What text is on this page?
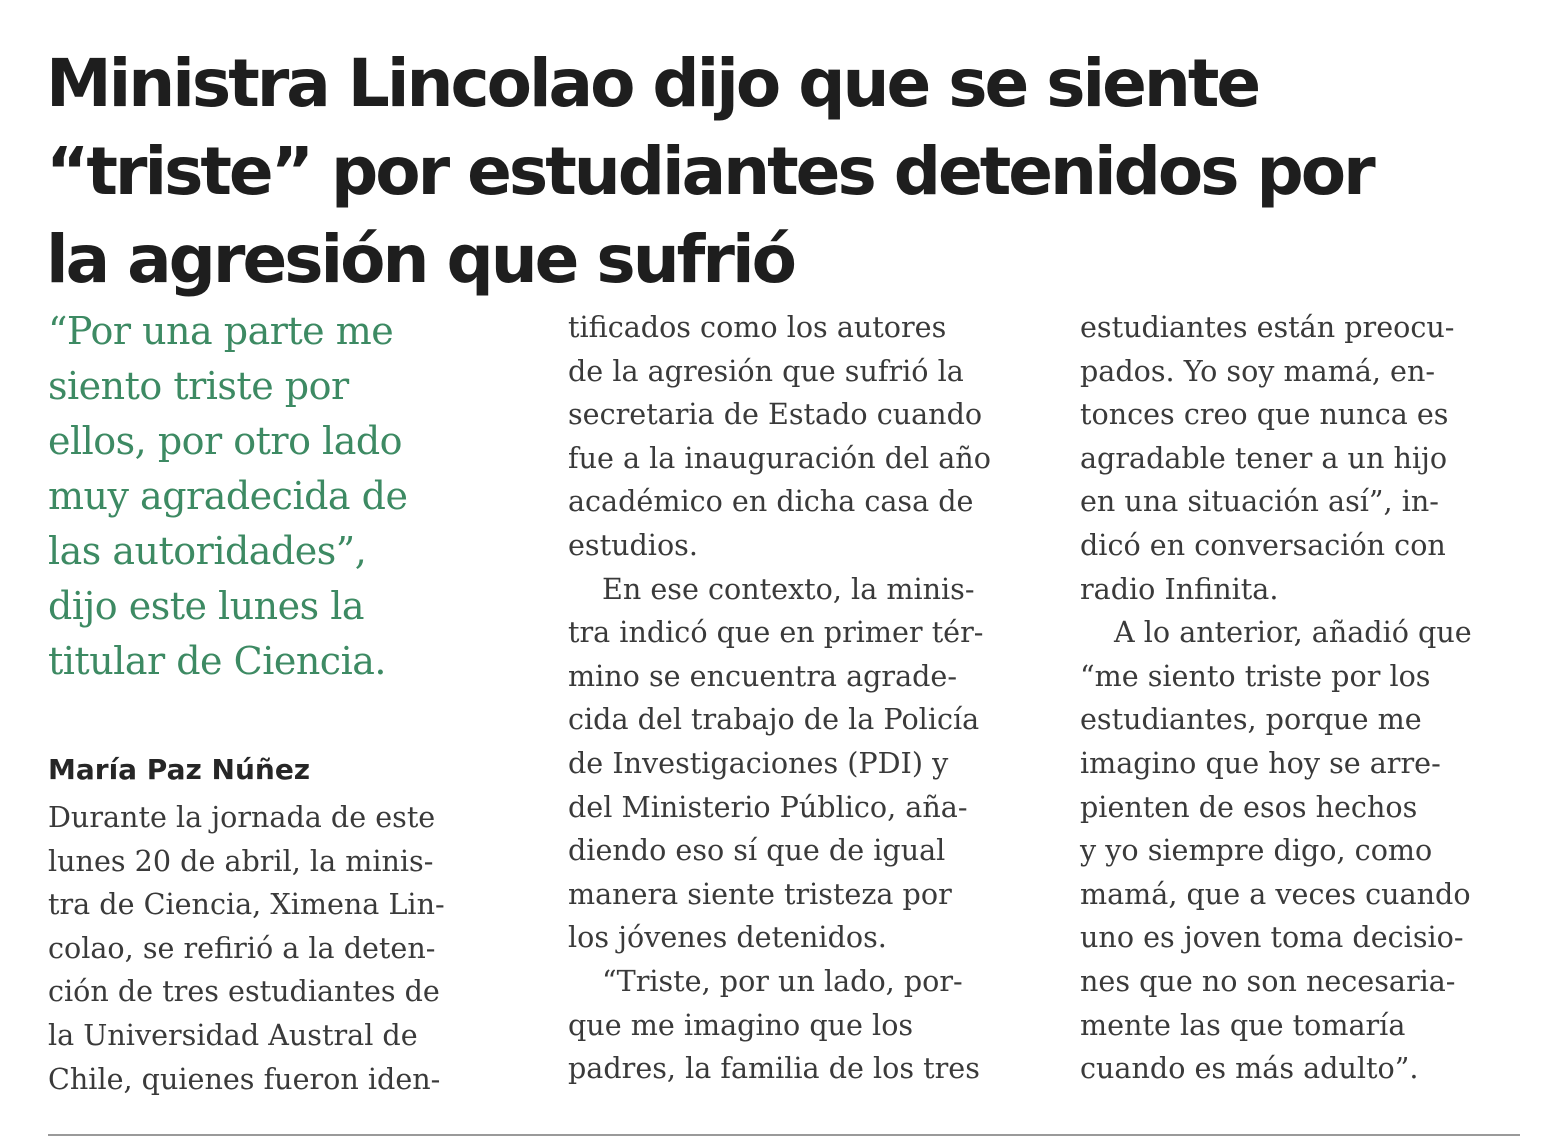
Ministra Lincolao dijo que se siente
“triste” por estudiantes detenidos por
la agresión que sufrió
“Por una parte me
siento triste por
ellos, por otro lado
muy agradecida de
las autoridades”,
dijo este lunes la
titular de Ciencia.
María Paz Núñez
Durante la jornada de este
lunes 20 de abril, la minis-
tra de Ciencia, Ximena Lin-
colao, se refirió a la deten-
ción de tres estudiantes de
la Universidad Austral de
Chile, quienes fueron iden-
tificados como los autores
de la agresión que sufrió la
secretaria de Estado cuando
fue a la inauguración del año
académico en dicha casa de
estudios.
En ese contexto, la minis-
tra indicó que en primer tér-
mino se encuentra agrade-
cida del trabajo de la Policía
de Investigaciones (PDI) y
del Ministerio Público, aña-
diendo eso sí que de igual
manera siente tristeza por
los jóvenes detenidos.
“Triste, por un lado, por-
que me imagino que los
padres, la familia de los tres
estudiantes están preocu-
pados. Yo soy mamá, en-
tonces creo que nunca es
agradable tener a un hijo
en una situación así”, in-
dicó en conversación con
radio Infinita.
A lo anterior, añadió que
“me siento triste por los
estudiantes, porque me
imagino que hoy se arre-
pienten de esos hechos
y yo siempre digo, como
mamá, que a veces cuando
uno es joven toma decisio-
nes que no son necesaria-
mente las que tomaría
cuando es más adulto”.
